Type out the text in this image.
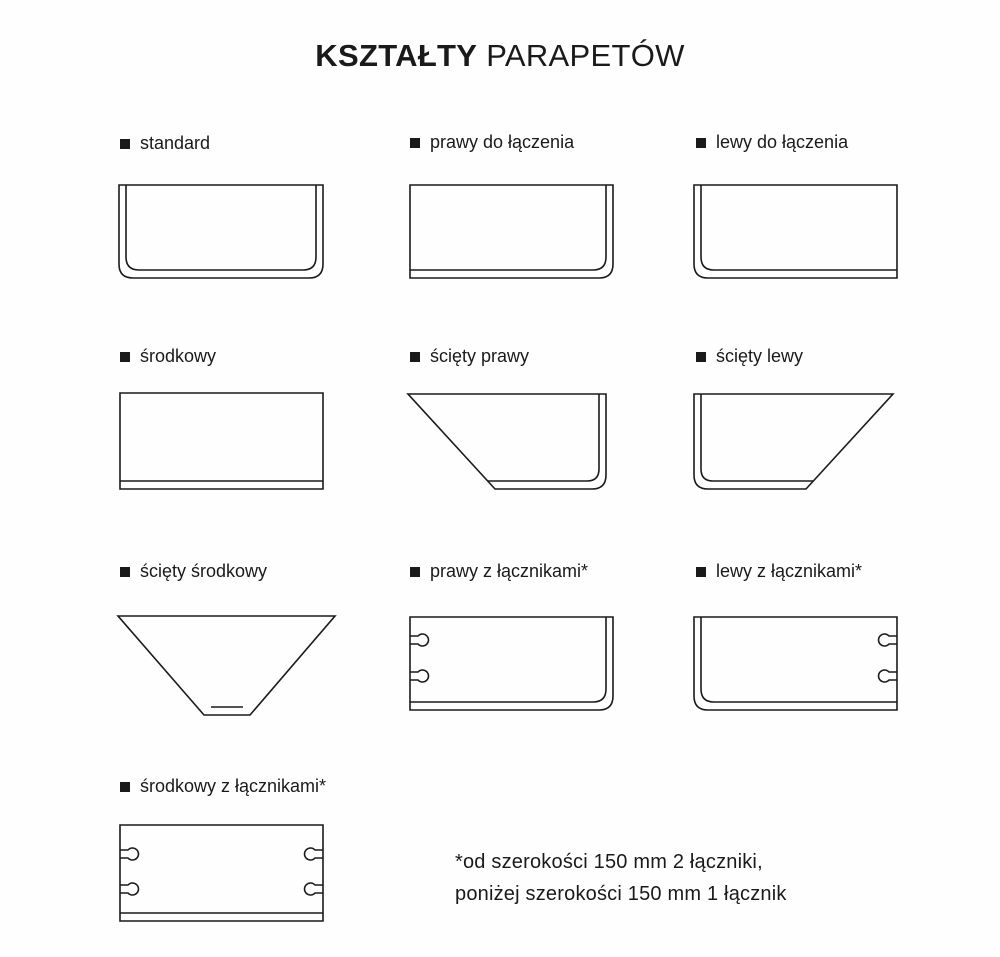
KSZTAŁTY PARAPETÓW
standard	prawy do łączenia	lewy do łączenia
środkowy	ścięty prawy	ścięty lewy
ścięty środkowy	prawy z łącznikami*	lewy z łącznikami*
środkowy z łącznikami*
*od szerokości 150 mm 2 łączniki,
poniżej szerokości 150 mm 1 łącznik
